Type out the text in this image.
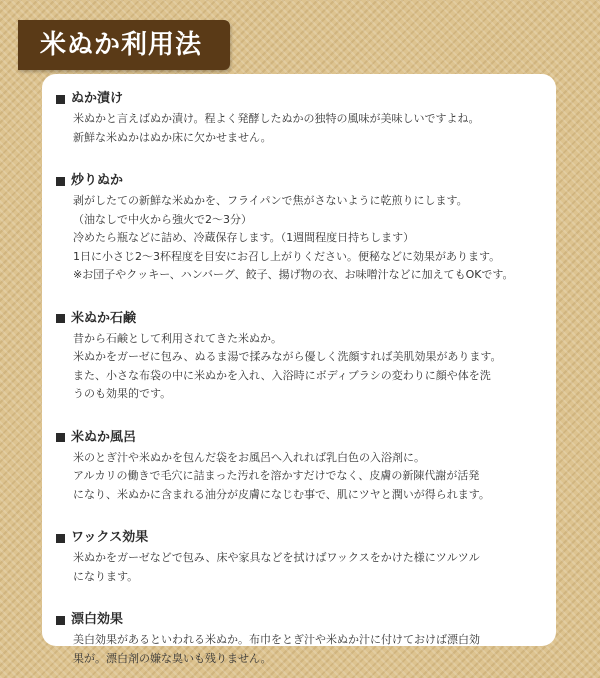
米ぬか利用法
ぬか漬け
米ぬかと言えばぬか漬け。程よく発酵したぬかの独特の風味が美味しいですよね。
新鮮な米ぬかはぬか床に欠かせません。
炒りぬか
剥がしたての新鮮な米ぬかを、フライパンで焦がさないように乾煎りにします。
（油なしで中火から強火で2～3分）
冷めたら瓶などに詰め、冷蔵保存します。（1週間程度日持ちします）
1日に小さじ2～3杯程度を目安にお召し上がりください。便秘などに効果があります。
※お団子やクッキー、ハンバーグ、餃子、揚げ物の衣、お味噌汁などに加えてもOKです。
米ぬか石鹸
昔から石鹸として利用されてきた米ぬか。
米ぬかをガーゼに包み、ぬるま湯で揉みながら優しく洗顔すれば美肌効果があります。
また、小さな布袋の中に米ぬかを入れ、入浴時にボディブラシの変わりに顔や体を洗
うのも効果的です。
米ぬか風呂
米のとぎ汁や米ぬかを包んだ袋をお風呂へ入れれば乳白色の入浴剤に。
アルカリの働きで毛穴に詰まった汚れを溶かすだけでなく、皮膚の新陳代謝が活発
になり、米ぬかに含まれる油分が皮膚になじむ事で、肌にツヤと潤いが得られます。
ワックス効果
米ぬかをガーゼなどで包み、床や家具などを拭けばワックスをかけた様にツルツル
になります。
漂白効果
美白効果があるといわれる米ぬか。布巾をとぎ汁や米ぬか汁に付けておけば漂白効
果が。漂白剤の嫌な臭いも残りません。
